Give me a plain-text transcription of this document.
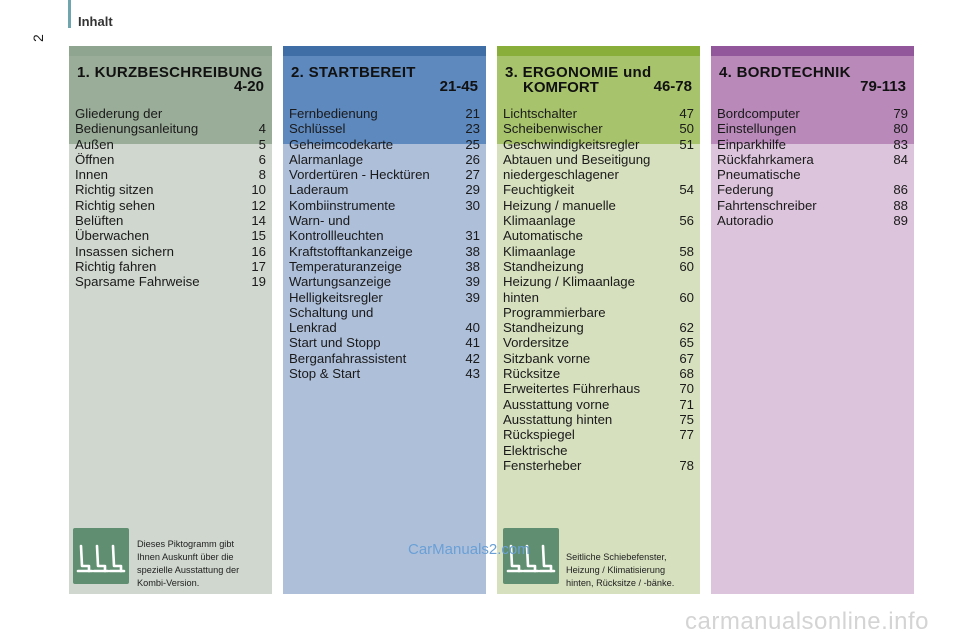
2
Inhalt
1. KURZBESCHREIBUNG
4-20
Gliederung der
Bedienungsanleitung	4
Außen	5
Öffnen	6
Innen	8
Richtig sitzen	10
Richtig sehen	12
Belüften	14
Überwachen	15
Insassen sichern	16
Richtig fahren	17
Sparsame Fahrweise	19
2. STARTBEREIT
21-45
Fernbedienung	21
Schlüssel	23
Geheimcodekarte	25
Alarmanlage	26
Vordertüren - Hecktüren	27
Laderaum	29
Kombiinstrumente	30
Warn- und
Kontrollleuchten	31
Kraftstofftankanzeige	38
Temperaturanzeige	38
Wartungsanzeige	39
Helligkeitsregler	39
Schaltung und
Lenkrad	40
Start und Stopp	41
Berganfahrassistent	42
Stop & Start	43
3. ERGONOMIE und
KOMFORT	46-78
Lichtschalter	47
Scheibenwischer	50
Geschwindigkeitsregler	51
Abtauen und Beseitigung
niedergeschlagener
Feuchtigkeit	54
Heizung / manuelle
Klimaanlage	56
Automatische
Klimaanlage	58
Standheizung	60
Heizung / Klimaanlage
hinten	60
Programmierbare
Standheizung	62
Vordersitze	65
Sitzbank vorne	67
Rücksitze	68
Erweitertes Führerhaus	70
Ausstattung vorne	71
Ausstattung hinten	75
Rückspiegel	77
Elektrische
Fensterheber	78
4. BORDTECHNIK
79-113
Bordcomputer	79
Einstellungen	80
Einparkhilfe	83
Rückfahrkamera	84
Pneumatische
Federung	86
Fahrtenschreiber	88
Autoradio	89
Dieses Piktogramm gibt
Ihnen Auskunft über die
spezielle Ausstattung der
Kombi-Version.
Seitliche Schiebefenster,
Heizung / Klimatisierung
hinten, Rücksitze / -bänke.
CarManuals2.com
carmanualsonline.info
